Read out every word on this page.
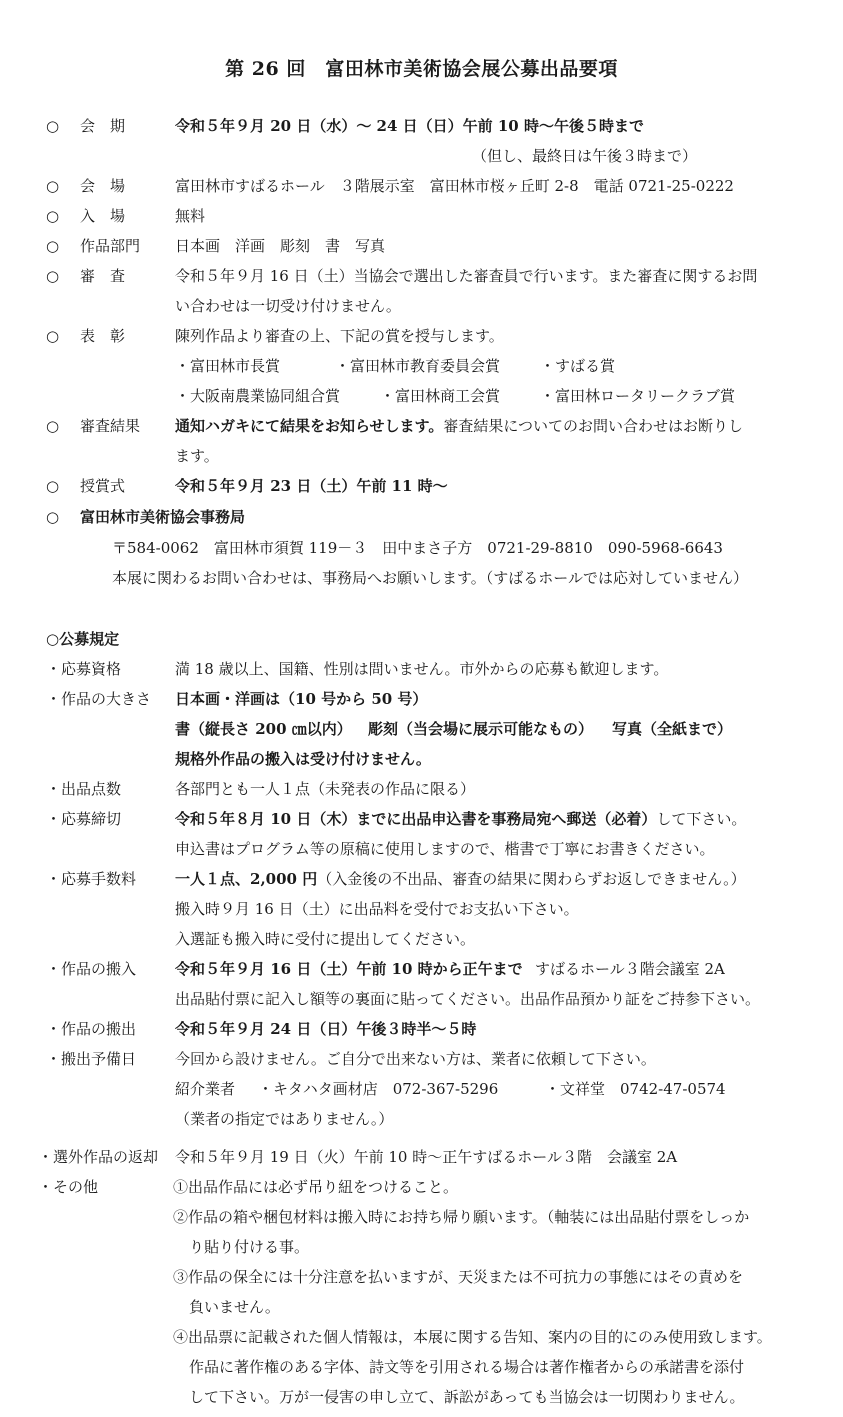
第 26 回　富田林市美術協会展公募出品要項
○ 会　期	令和５年９月 20 日（水）～ 24 日（日）午前 10 時～午後５時まで
（但し、最終日は午後３時まで）
○ 会　場	富田林市すばるホール　３階展示室　富田林市桜ヶ丘町 2-8　電話 0721-25-0222
○ 入　場	無料
○ 作品部門 日本画　洋画　彫刻　書　写真
○ 審　査	令和５年９月 16 日（土）当協会で選出した審査員で行います。また審査に関するお問
い合わせは一切受け付けません。
○ 表　彰	陳列作品より審査の上、下記の賞を授与します。
・富田林市長賞	・富田林市教育委員会賞	・すばる賞
・大阪南農業協同組合賞	・富田林商工会賞	・富田林ロータリークラブ賞
○ 審査結果 通知ハガキにて結果をお知らせします。審査結果についてのお問い合わせはお断りし
ます。
○ 授賞式	令和５年９月 23 日（土）午前 11 時～
○ 富田林市美術協会事務局
〒584-0062　富田林市須賀 119－３　田中まさ子方　0721-29-8810　090-5968-6643
本展に関わるお問い合わせは、事務局へお願いします。（すばるホールでは応対していません）
○公募規定
・応募資格	満 18 歳以上、国籍、性別は問いません。市外からの応募も歓迎します。
・作品の大きさ 日本画・洋画は（10 号から 50 号）
書（縦長さ 200 ㎝以内） 彫刻（当会場に展示可能なもの） 写真（全紙まで）
規格外作品の搬入は受け付けません。
・出品点数	各部門とも一人１点（未発表の作品に限る）
・応募締切	令和５年８月 10 日（木）までに出品申込書を事務局宛へ郵送（必着）して下さい。
申込書はプログラム等の原稿に使用しますので、楷書で丁寧にお書きください。
・応募手数料	一人１点、2,000 円（入金後の不出品、審査の結果に関わらずお返しできません。）
搬入時９月 16 日（土）に出品料を受付でお支払い下さい。
入選証も搬入時に受付に提出してください。
・作品の搬入	令和５年９月 16 日（土）午前 10 時から正午まで すばるホール３階会議室 2A
出品貼付票に記入し額等の裏面に貼ってください。出品作品預かり証をご持参下さい。
・作品の搬出	令和５年９月 24 日（日）午後３時半～５時
・搬出予備日	今回から設けません。ご自分で出来ない方は、業者に依頼して下さい。
紹介業者 ・キタハタ画材店　072-367-5296	・文祥堂　0742-47-0574
（業者の指定ではありません。）
・選外作品の返却 令和５年９月 19 日（火）午前 10 時～正午すばるホール３階　会議室 2A
・その他	①出品作品には必ず吊り紐をつけること。
②作品の箱や梱包材料は搬入時にお持ち帰り願います。（軸装には出品貼付票をしっか
り貼り付ける事。
③作品の保全には十分注意を払いますが、天災または不可抗力の事態にはその責めを
負いません。
④出品票に記載された個人情報は，本展に関する告知、案内の目的にのみ使用致します。
作品に著作権のある字体、詩文等を引用される場合は著作権者からの承諾書を添付
して下さい。万が一侵害の申し立て、訴訟があっても当協会は一切関わりません。
